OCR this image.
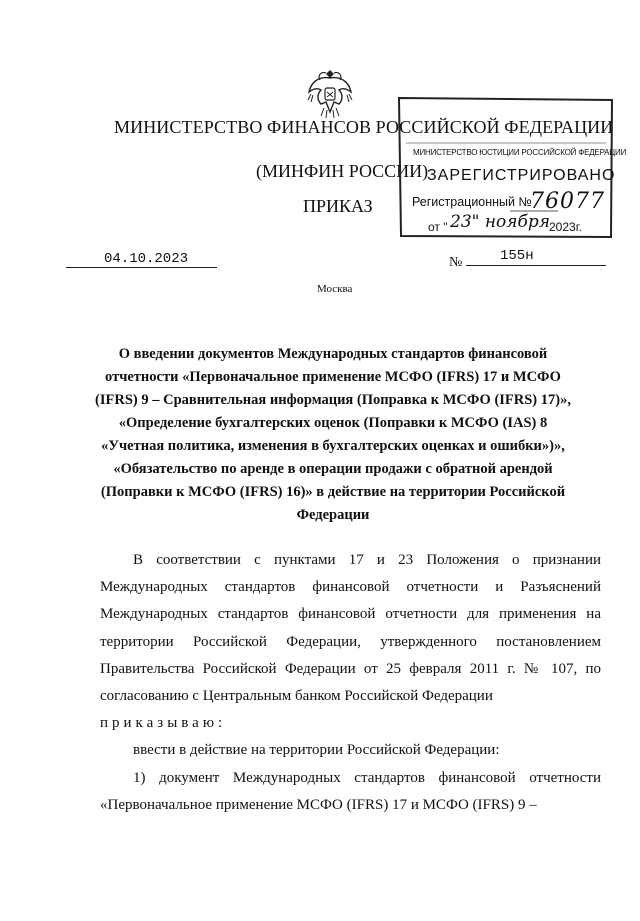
МИНИСТЕРСТВО ФИНАНСОВ РОССИЙСКОЙ ФЕДЕРАЦИИ
(МИНФИН РОССИИ)
ПРИКАЗ
МИНИСТЕРСТВО ЮСТИЦИИ РОССИЙСКОЙ ФЕДЕРАЦИИ
ЗАРЕГИСТРИРОВАНО
Регистрационный №
76077
от " 23" ноября
2023г.
04.10.2023	№	155н
Москва
О введении документов Международных стандартов финансовой отчетности «Первоначальное применение МСФО (IFRS) 17 и МСФО (IFRS) 9 – Сравнительная информация (Поправка к МСФО (IFRS) 17)», «Определение бухгалтерских оценок (Поправки к МСФО (IAS) 8 «Учетная политика, изменения в бухгалтерских оценках и ошибки»)», «Обязательство по аренде в операции продажи с обратной арендой (Поправки к МСФО (IFRS) 16)» в действие на территории Российской Федерации

В соответствии с пунктами 17 и 23 Положения о признании Международных стандартов финансовой отчетности и Разъяснений Международных стандартов финансовой отчетности для применения на территории Российской Федерации, утвержденного постановлением Правительства Российской Федерации от 25 февраля 2011 г. № 107, по согласованию с Центральным банком Российской Федерации

приказываю:

ввести в действие на территории Российской Федерации:

1) документ Международных стандартов финансовой отчетности «Первоначальное применение МСФО (IFRS) 17 и МСФО (IFRS) 9 –
